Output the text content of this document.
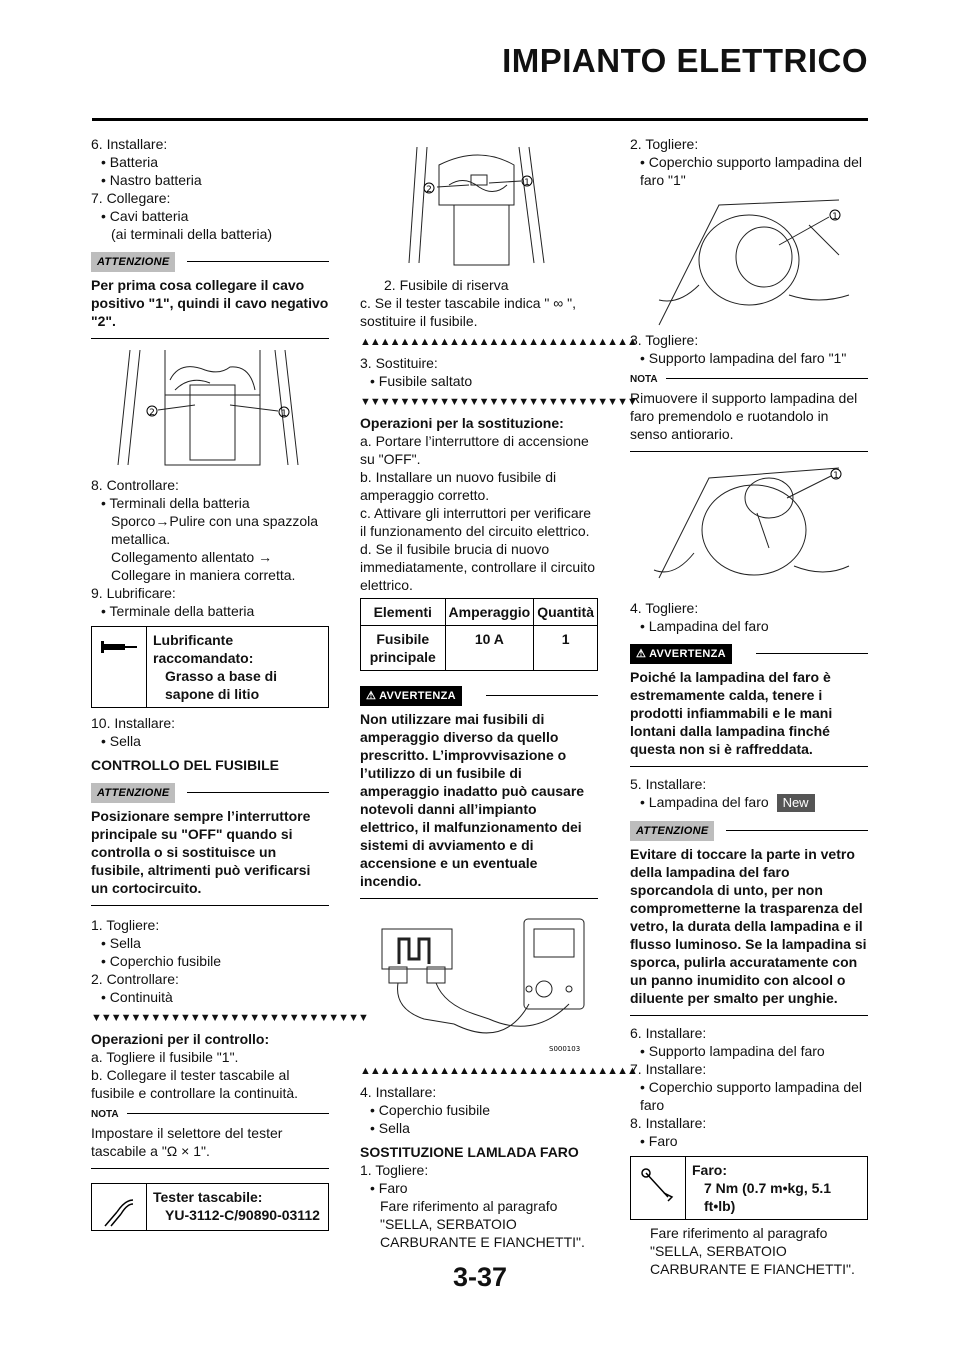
IMPIANTO ELETTRICO
6. Installare:
• Batteria
• Nastro batteria
7. Collegare:
• Cavi batteria
(ai terminali della batteria)
ATTENZIONE
Per prima cosa collegare il cavo positivo "1", quindi il cavo negativo "2".
2	1
8. Controllare:
• Terminali della batteria
Sporco→Pulire con una spazzola metallica.
Collegamento allentato → Collegare in maniera corretta.
9. Lubrificare:
• Terminale della batteria
Lubrificante raccomandato:
Grasso a base di sapone di litio
10. Installare:
• Sella
CONTROLLO DEL FUSIBILE
ATTENZIONE
Posizionare sempre l’interruttore principale su "OFF" quando si controlla o si sostituisce un fusibile, altrimenti può verificarsi un cortocircuito.
1. Togliere:
• Sella
• Coperchio fusibile
2. Controllare:
• Continuità
▼▼▼▼▼▼▼▼▼▼▼▼▼▼▼▼▼▼▼▼▼▼▼▼▼▼▼▼
Operazioni per il controllo:
a. Togliere il fusibile "1".
b. Collegare il tester tascabile al fusibile e controllare la continuità.
NOTA
Impostare il selettore del tester tascabile a "Ω × 1".
Tester tascabile:
YU-3112-C/90890-03112
2
1
2. Fusibile di riserva
c. Se il tester tascabile indica " ∞ ", sostituire il fusibile.
▲▲▲▲▲▲▲▲▲▲▲▲▲▲▲▲▲▲▲▲▲▲▲▲▲▲▲▲
3. Sostituire:
• Fusibile saltato
▼▼▼▼▼▼▼▼▼▼▼▼▼▼▼▼▼▼▼▼▼▼▼▼▼▼▼▼
Operazioni per la sostituzione:
a. Portare l’interruttore di accensione su "OFF".
b. Installare un nuovo fusibile di amperaggio corretto.
c. Attivare gli interruttori per verificare il funzionamento del circuito elettrico.
d. Se il fusibile brucia di nuovo immediatamente, controllare il circuito elettrico.
Elementi	Amperaggio	Quantità
Fusibile principale	10 A	1
⚠ AVVERTENZA
Non utilizzare mai fusibili di amperaggio diverso da quello prescritto. L’improvvisazione o l’utilizzo di un fusibile di amperaggio inadatto può causare notevoli danni all’impianto elettrico, il malfunzionamento dei sistemi di avviamento e di accensione e un eventuale incendio.
S000103
▲▲▲▲▲▲▲▲▲▲▲▲▲▲▲▲▲▲▲▲▲▲▲▲▲▲▲▲
4. Installare:
• Coperchio fusibile
• Sella
SOSTITUZIONE LAMLADA FARO
1. Togliere:
• Faro
Fare riferimento al paragrafo "SELLA, SERBATOIO CARBURANTE E FIANCHETTI".
2. Togliere:
• Coperchio supporto lampadina del faro "1"
1
3. Togliere:
• Supporto lampadina del faro "1"
NOTA
Rimuovere il supporto lampadina del faro premendolo e ruotandolo in senso antiorario.
1
4. Togliere:
• Lampadina del faro
⚠ AVVERTENZA
Poiché la lampadina del faro è estremamente calda, tenere i prodotti infiammabili e le mani lontani dalla lampadina finché questa non si è raffreddata.
5. Installare:
• Lampadina del faro New
ATTENZIONE
Evitare di toccare la parte in vetro della lampadina del faro sporcandola di unto, per non comprometterne la trasparenza del vetro, la durata della lampadina e il flusso luminoso. Se la lampadina si sporca, pulirla accuratamente con un panno inumidito con alcool o diluente per smalto per unghie.
6. Installare:
• Supporto lampadina del faro
7. Installare:
• Coperchio supporto lampadina del faro
8. Installare:
• Faro
Faro:
7 Nm (0.7 m•kg, 5.1 ft•lb)
Fare riferimento al paragrafo "SELLA, SERBATOIO CARBURANTE E FIANCHETTI".
3-37
